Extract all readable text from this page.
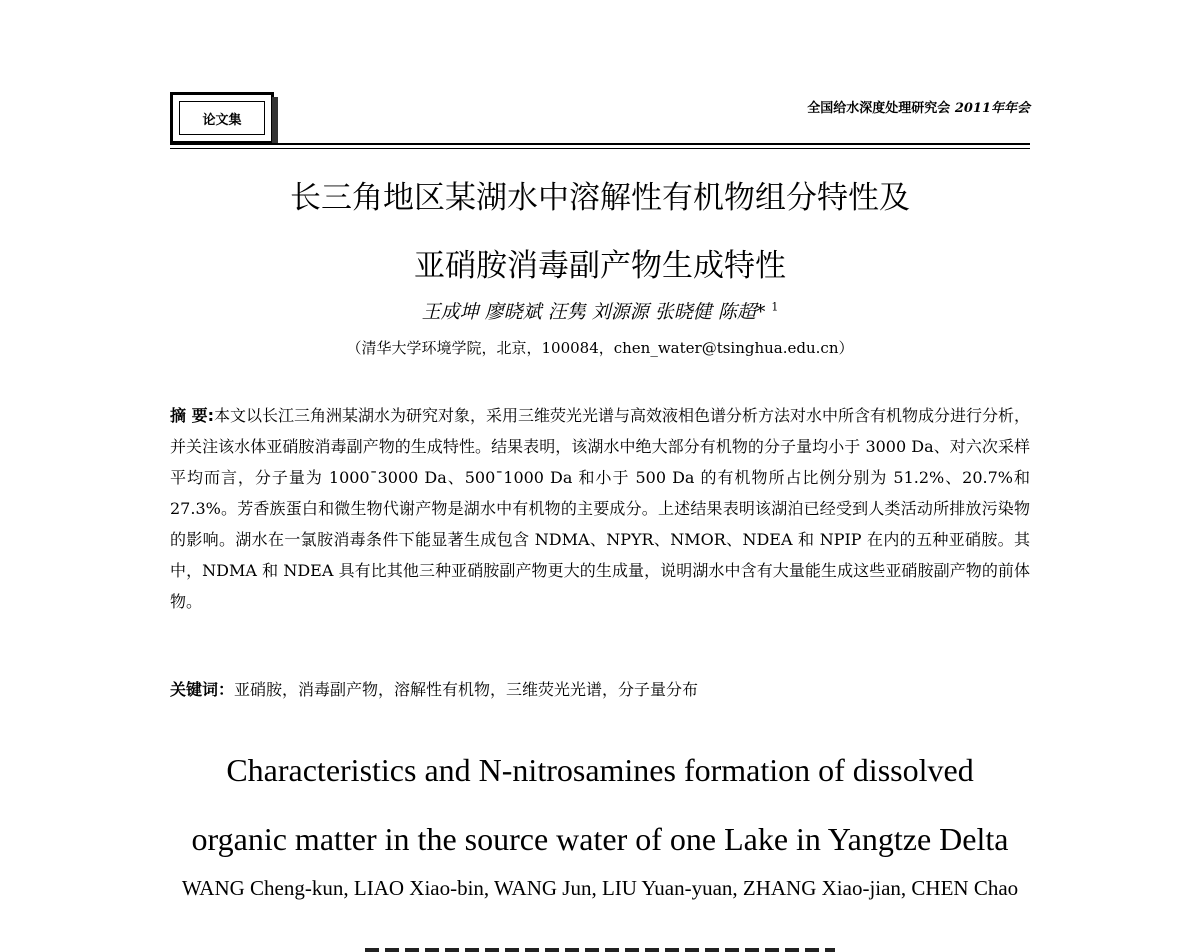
论文集
全国给水深度处理研究会 2011年年会
长三角地区某湖水中溶解性有机物组分特性及
亚硝胺消毒副产物生成特性
王成坤 廖晓斌 汪隽 刘源源 张晓健 陈超* $^1$
（清华大学环境学院，北京，100084，chen_water@tsinghua.edu.cn）
摘 要:本文以长江三角洲某湖水为研究对象，采用三维荧光光谱与高效液相色谱分析方法对水中所含有机物成分进行分析，并关注该水体亚硝胺消毒副产物的生成特性。结果表明，该湖水中绝大部分有机物的分子量均小于 3000 Da、对六次采样平均而言，分子量为 1000¯3000 Da、500¯1000 Da 和小于 500 Da 的有机物所占比例分别为 51.2%、20.7%和 27.3%。芳香族蛋白和微生物代谢产物是湖水中有机物的主要成分。上述结果表明该湖泊已经受到人类活动所排放污染物的影响。湖水在一氯胺消毒条件下能显著生成包含 NDMA、NPYR、NMOR、NDEA 和 NPIP 在内的五种亚硝胺。其中，NDMA 和 NDEA 具有比其他三种亚硝胺副产物更大的生成量，说明湖水中含有大量能生成这些亚硝胺副产物的前体物。
关键词：亚硝胺，消毒副产物，溶解性有机物，三维荧光光谱，分子量分布
Characteristics and N-nitrosamines formation of dissolved
organic matter in the source water of one Lake in Yangtze Delta
WANG Cheng-kun, LIAO Xiao-bin, WANG Jun, LIU Yuan-yuan, ZHANG Xiao-jian, CHEN Chao
